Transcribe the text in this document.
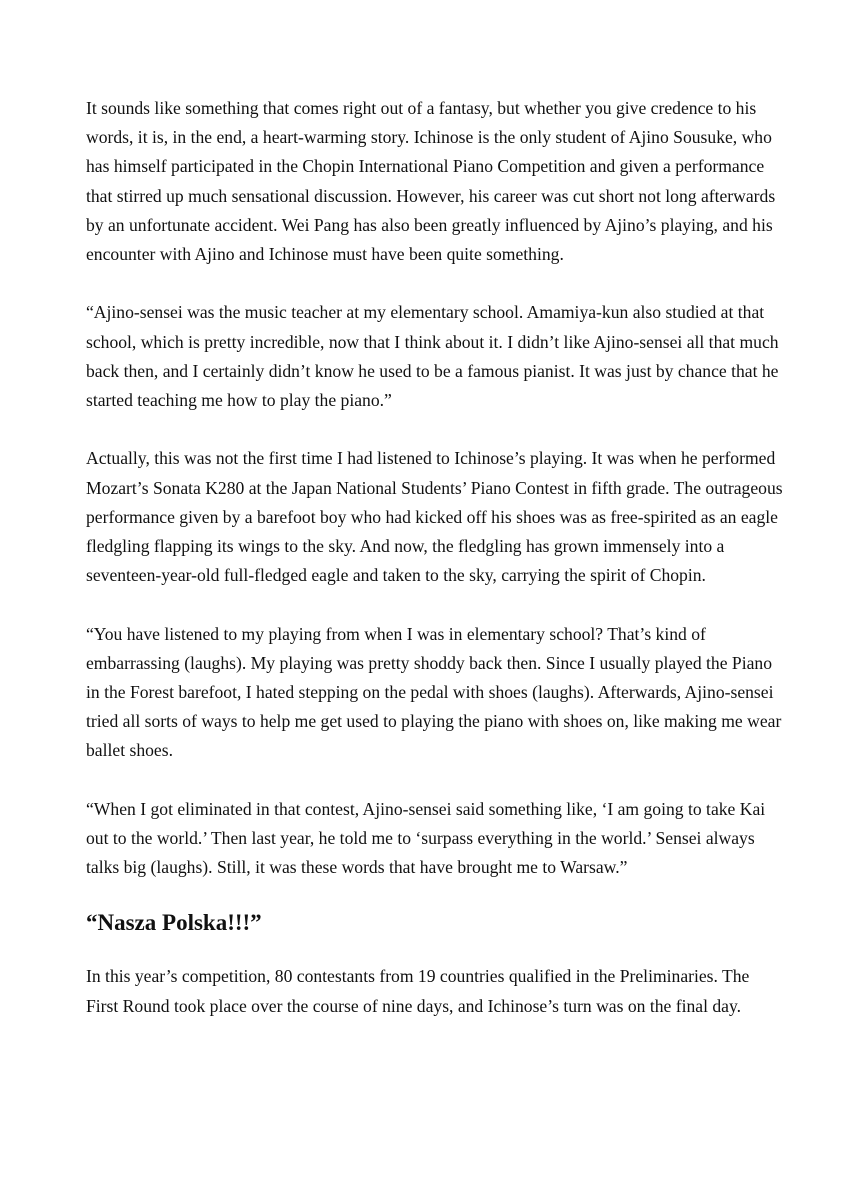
It sounds like something that comes right out of a fantasy, but whether you give credence to his words, it is, in the end, a heart-warming story. Ichinose is the only student of Ajino Sousuke, who has himself participated in the Chopin International Piano Competition and given a performance that stirred up much sensational discussion. However, his career was cut short not long afterwards by an unfortunate accident. Wei Pang has also been greatly influenced by Ajino’s playing, and his encounter with Ajino and Ichinose must have been quite something.

“Ajino-sensei was the music teacher at my elementary school. Amamiya-kun also studied at that school, which is pretty incredible, now that I think about it. I didn’t like Ajino-sensei all that much back then, and I certainly didn’t know he used to be a famous pianist. It was just by chance that he started teaching me how to play the piano.”

Actually, this was not the first time I had listened to Ichinose’s playing. It was when he performed Mozart’s Sonata K280 at the Japan National Students’ Piano Contest in fifth grade. The outrageous performance given by a barefoot boy who had kicked off his shoes was as free-spirited as an eagle fledgling flapping its wings to the sky. And now, the fledgling has grown immensely into a seventeen-year-old full-fledged eagle and taken to the sky, carrying the spirit of Chopin.

“You have listened to my playing from when I was in elementary school? That’s kind of embarrassing (laughs). My playing was pretty shoddy back then. Since I usually played the Piano in the Forest barefoot, I hated stepping on the pedal with shoes (laughs). Afterwards, Ajino-sensei tried all sorts of ways to help me get used to playing the piano with shoes on, like making me wear ballet shoes.

“When I got eliminated in that contest, Ajino-sensei said something like, ‘I am going to take Kai out to the world.’ Then last year, he told me to ‘surpass everything in the world.’ Sensei always talks big (laughs). Still, it was these words that have brought me to Warsaw.”

“Nasza Polska!!!”

In this year’s competition, 80 contestants from 19 countries qualified in the Preliminaries. The First Round took place over the course of nine days, and Ichinose’s turn was on the final day.
